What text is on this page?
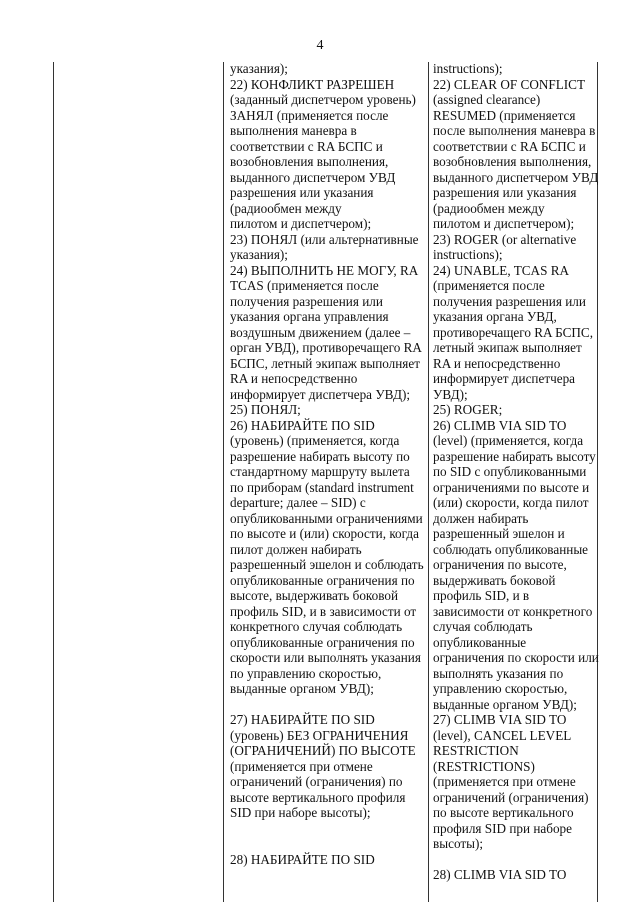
4
указания);
22) КОНФЛИКТ РАЗРЕШЕН
(заданный диспетчером уровень)
ЗАНЯЛ (применяется после
выполнения маневра в
соответствии с RA БСПС и
возобновления выполнения,
выданного диспетчером УВД
разрешения или указания
(радиообмен между
пилотом и диспетчером);
23) ПОНЯЛ (или альтернативные
указания);
24) ВЫПОЛНИТЬ НЕ МОГУ, RA
TCAS (применяется после
получения разрешения или
указания органа управления
воздушным движением (далее –
орган УВД), противоречащего RA
БСПС, летный экипаж выполняет
RA и непосредственно
информирует диспетчера УВД);
25) ПОНЯЛ;
26) НАБИРАЙТЕ ПО SID
(уровень) (применяется, когда
разрешение набирать высоту по
стандартному маршруту вылета
по приборам (standard instrument
departure; далее – SID) с
опубликованными ограничениями
по высоте и (или) скорости, когда
пилот должен набирать
разрешенный эшелон и соблюдать
опубликованные ограничения по
высоте, выдерживать боковой
профиль SID, и в зависимости от
конкретного случая соблюдать
опубликованные ограничения по
скорости или выполнять указания
по управлению скоростью,
выданные органом УВД);
27) НАБИРАЙТЕ ПО SID
(уровень) БЕЗ ОГРАНИЧЕНИЯ
(ОГРАНИЧЕНИЙ) ПО ВЫСОТЕ
(применяется при отмене
ограничений (ограничения) по
высоте вертикального профиля
SID при наборе высоты);
28) НАБИРАЙТЕ ПО SID
instructions);
22) CLEAR OF CONFLICT
(assigned clearance)
RESUMED (применяется
после выполнения маневра в
соответствии с RA БСПС и
возобновления выполнения,
выданного диспетчером УВД
разрешения или указания
(радиообмен между
пилотом и диспетчером);
23) ROGER (or alternative
instructions);
24) UNABLE, TCAS RA
(применяется после
получения разрешения или
указания органа УВД,
противоречащего RA БСПС,
летный экипаж выполняет
RA и непосредственно
информирует диспетчера
УВД);
25) ROGER;
26) CLIMB VIA SID TO
(level) (применяется, когда
разрешение набирать высоту
по SID с опубликованными
ограничениями по высоте и
(или) скорости, когда пилот
должен набирать
разрешенный эшелон и
соблюдать опубликованные
ограничения по высоте,
выдерживать боковой
профиль SID, и в
зависимости от конкретного
случая соблюдать
опубликованные
ограничения по скорости или
выполнять указания по
управлению скоростью,
выданные органом УВД);
27) CLIMB VIA SID TO
(level), CANCEL LEVEL
RESTRICTION
(RESTRICTIONS)
(применяется при отмене
ограничений (ограничения)
по высоте вертикального
профиля SID при наборе
высоты);
28) CLIMB VIA SID TO
